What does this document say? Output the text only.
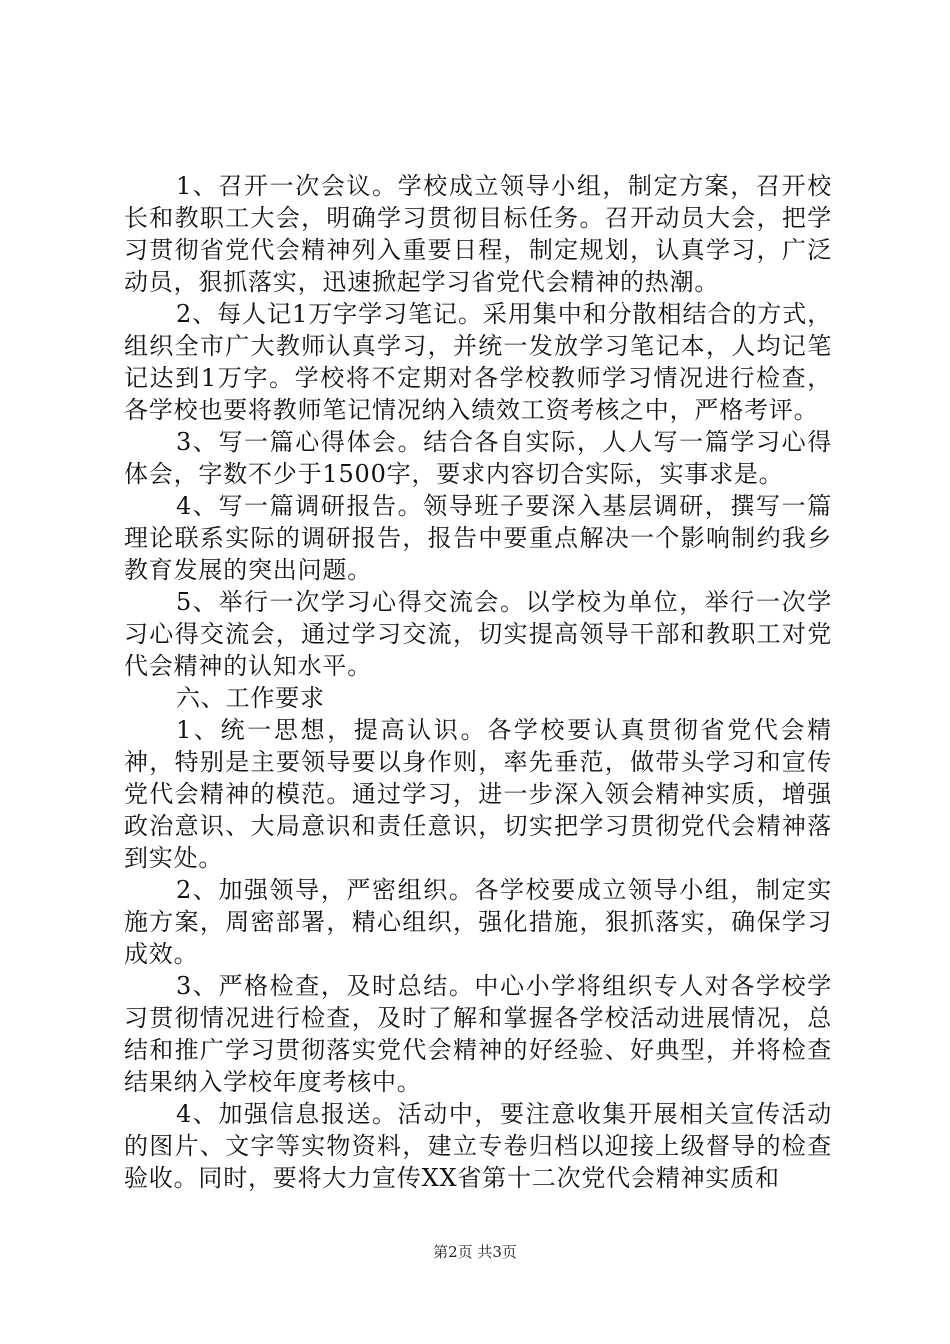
1、召开一次会议。学校成立领导小组，制定方案，召开校长和教职工大会，明确学习贯彻目标任务。召开动员大会，把学习贯彻省党代会精神列入重要日程，制定规划，认真学习，广泛动员，狠抓落实，迅速掀起学习省党代会精神的热潮。

2、每人记1万字学习笔记。采用集中和分散相结合的方式，组织全市广大教师认真学习，并统一发放学习笔记本，人均记笔记达到1万字。学校将不定期对各学校教师学习情况进行检查，各学校也要将教师笔记情况纳入绩效工资考核之中，严格考评。

3、写一篇心得体会。结合各自实际，人人写一篇学习心得体会，字数不少于1500字，要求内容切合实际，实事求是。

4、写一篇调研报告。领导班子要深入基层调研，撰写一篇理论联系实际的调研报告，报告中要重点解决一个影响制约我乡教育发展的突出问题。

5、举行一次学习心得交流会。以学校为单位，举行一次学习心得交流会，通过学习交流，切实提高领导干部和教职工对党代会精神的认知水平。

六、工作要求

1、统一思想，提高认识。各学校要认真贯彻省党代会精神，特别是主要领导要以身作则，率先垂范，做带头学习和宣传党代会精神的模范。通过学习，进一步深入领会精神实质，增强政治意识、大局意识和责任意识，切实把学习贯彻党代会精神落到实处。

2、加强领导，严密组织。各学校要成立领导小组，制定实施方案，周密部署，精心组织，强化措施，狠抓落实，确保学习成效。

3、严格检查，及时总结。中心小学将组织专人对各学校学习贯彻情况进行检查，及时了解和掌握各学校活动进展情况，总结和推广学习贯彻落实党代会精神的好经验、好典型，并将检查结果纳入学校年度考核中。

4、加强信息报送。活动中，要注意收集开展相关宣传活动的图片、文字等实物资料，建立专卷归档以迎接上级督导的检查验收。同时，要将大力宣传XX省第十二次党代会精神实质和

第2页 共3页
